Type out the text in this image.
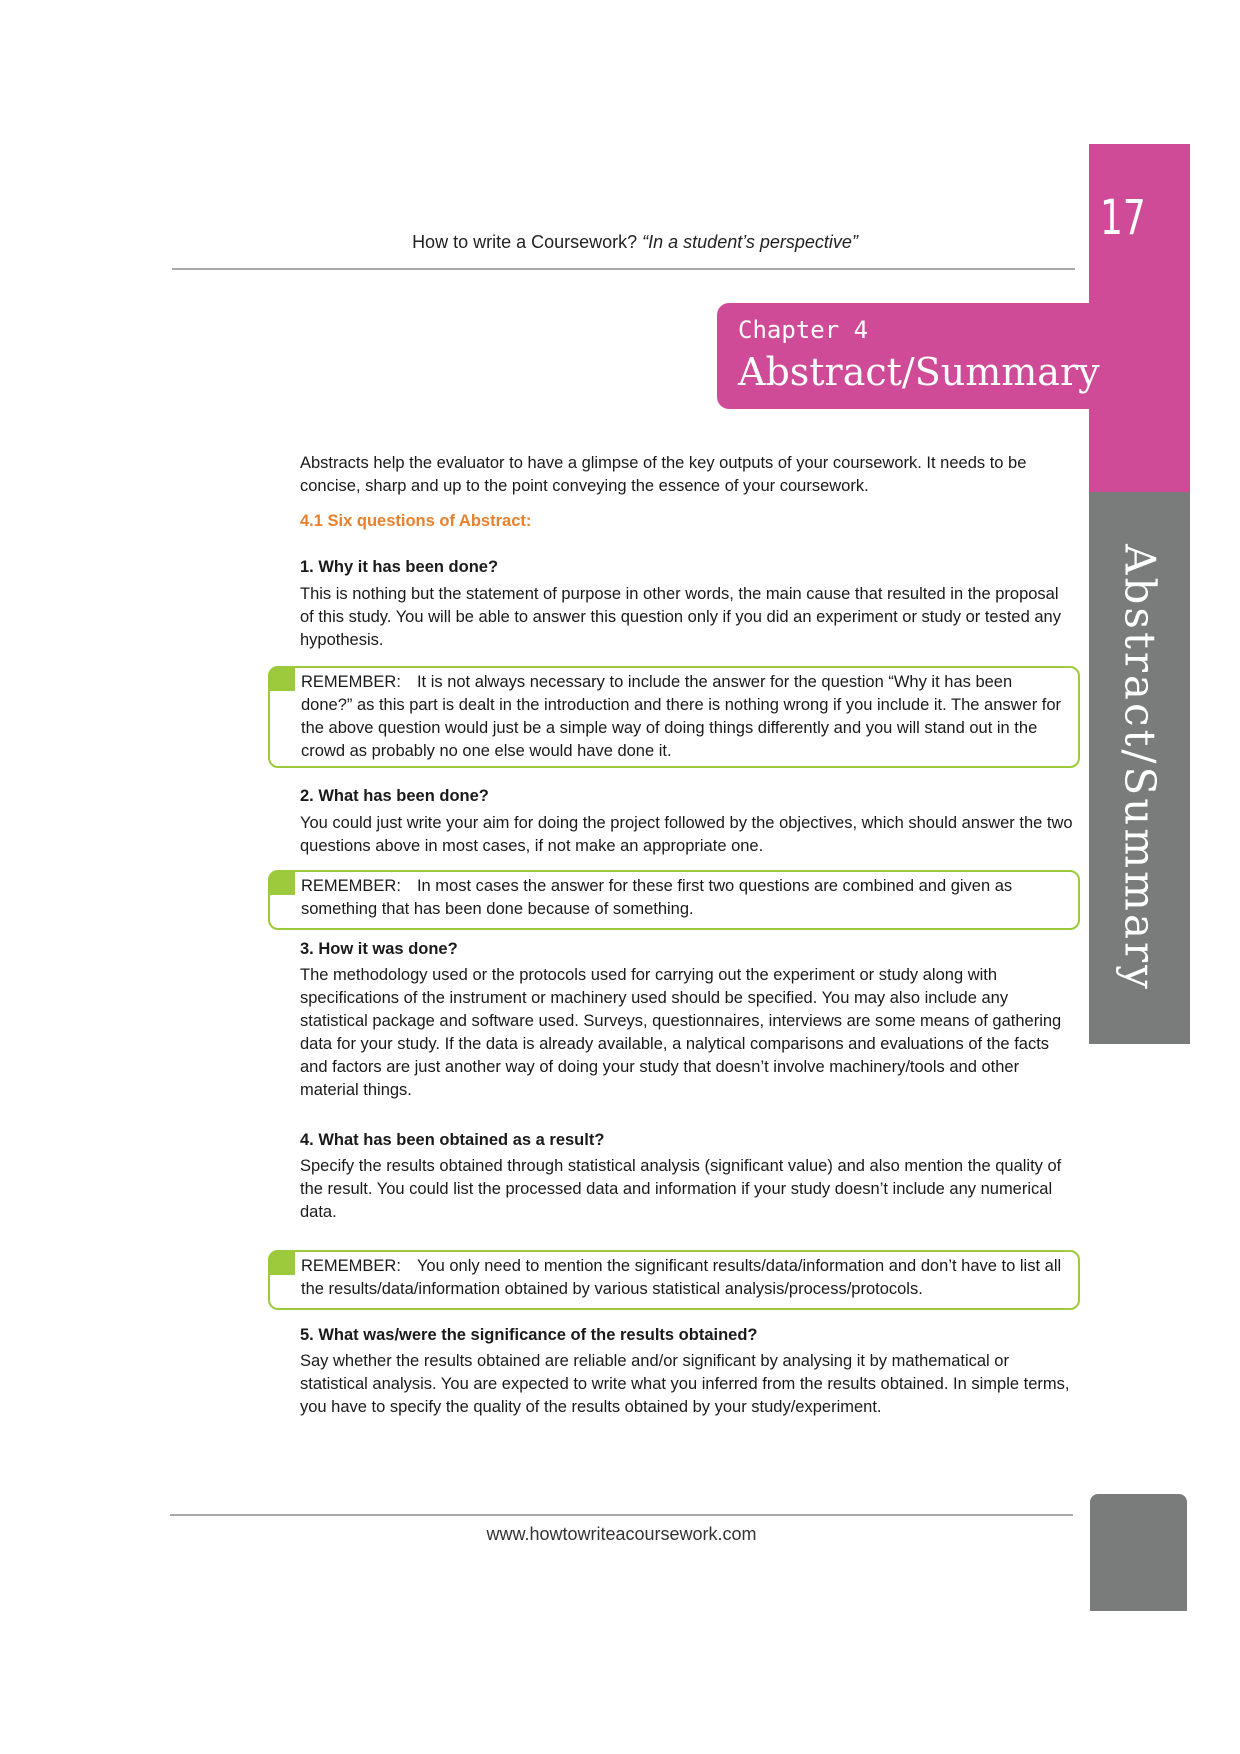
How to write a Coursework? “In a student’s perspective”	17
Abstract/Summary
Chapter 4
Abstract/Summary
Abstracts help the evaluator to have a glimpse of the key outputs of your coursework. It needs to be concise, sharp and up to the point conveying the essence of your coursework.
4.1 Six questions of Abstract:
1. Why it has been done?
This is nothing but the statement of purpose in other words, the main cause that resulted in the proposal of this study. You will be able to answer this question only if you did an experiment or study or tested any hypothesis.
REMEMBER: It is not always necessary to include the answer for the question “Why it has been done?” as this part is dealt in the introduction and there is nothing wrong if you include it. The answer for the above question would just be a simple way of doing things differently and you will stand out in the crowd as probably no one else would have done it.
2. What has been done?
You could just write your aim for doing the project followed by the objectives, which should answer the two questions above in most cases, if not make an appropriate one.
REMEMBER: In most cases the answer for these first two questions are combined and given as something that has been done because of something.
3. How it was done?
The methodology used or the protocols used for carrying out the experiment or study along with specifications of the instrument or machinery used should be specified. You may also include any statistical package and software used. Surveys, questionnaires, interviews are some means of gathering data for your study. If the data is already available, a nalytical comparisons and evaluations of the facts and factors are just another way of doing your study that doesn’t involve machinery/tools and other material things.
4. What has been obtained as a result?
Specify the results obtained through statistical analysis (significant value) and also mention the quality of the result. You could list the processed data and information if your study doesn’t include any numerical data.
REMEMBER: You only need to mention the significant results/data/information and don’t have to list all the results/data/information obtained by various statistical analysis/process/protocols.
5. What was/were the significance of the results obtained?
Say whether the results obtained are reliable and/or significant by analysing it by mathematical or statistical analysis. You are expected to write what you inferred from the results obtained. In simple terms, you have to specify the quality of the results obtained by your study/experiment.
www.howtowriteacoursework.com
